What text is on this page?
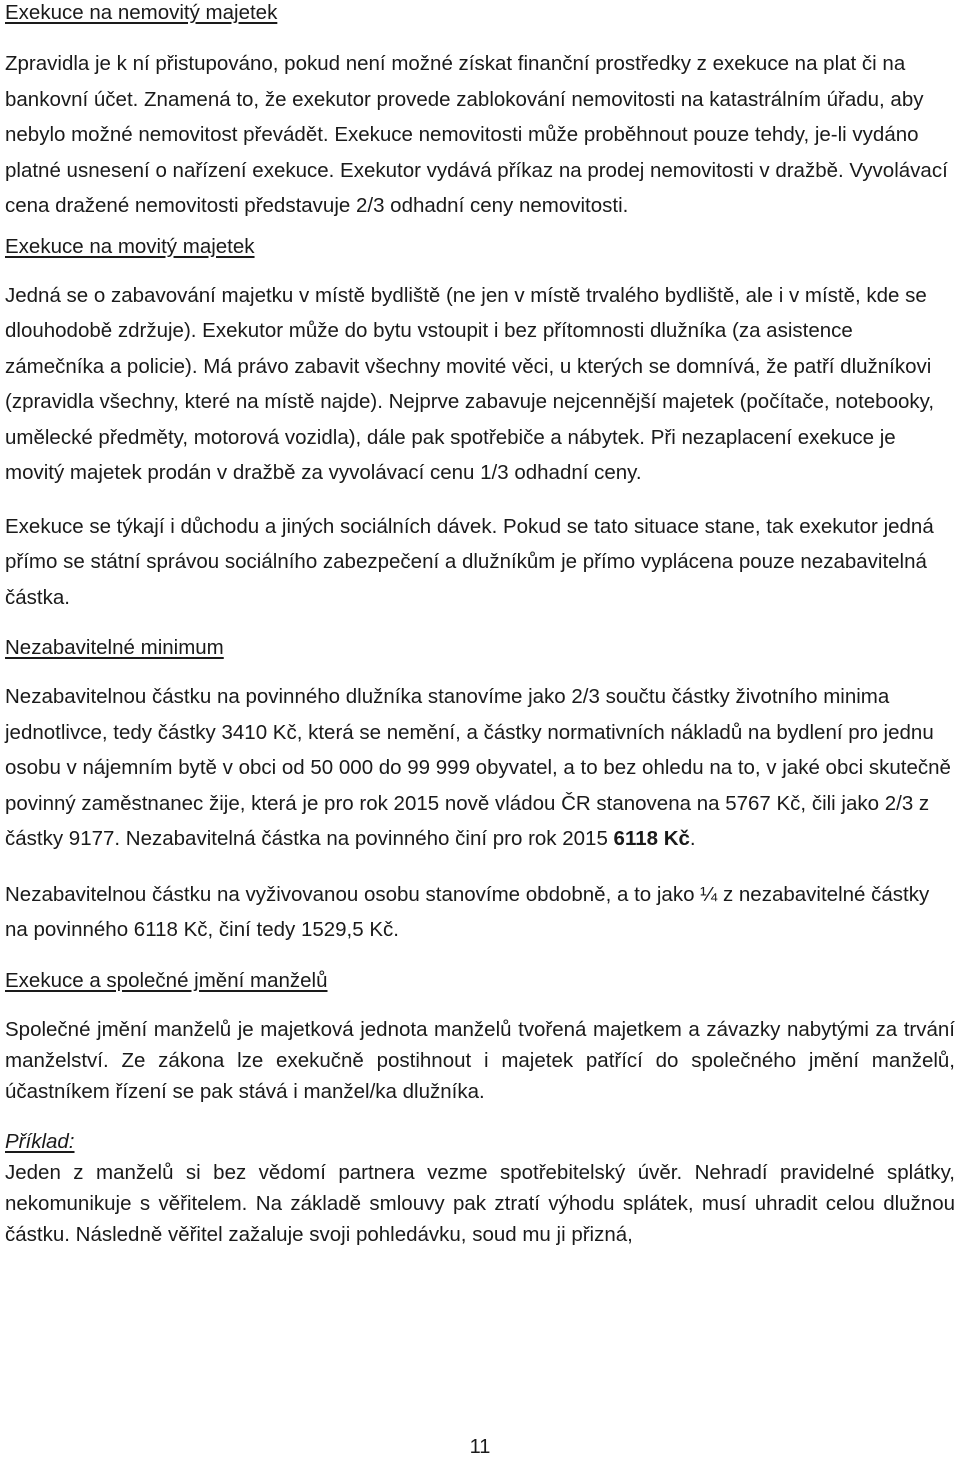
Exekuce na nemovitý majetek

Zpravidla je k ní přistupováno, pokud není možné získat finanční prostředky z exekuce na plat či na bankovní účet. Znamená to, že exekutor provede zablokování nemovitosti na katastrálním úřadu, aby nebylo možné nemovitost převádět. Exekuce nemovitosti může proběhnout pouze tehdy, je-li vydáno platné usnesení o nařízení exekuce. Exekutor vydává příkaz na prodej nemovitosti v dražbě. Vyvolávací cena dražené nemovitosti představuje 2/3 odhadní ceny nemovitosti.

Exekuce na movitý majetek

Jedná se o zabavování majetku v místě bydliště (ne jen v místě trvalého bydliště, ale i v místě, kde se dlouhodobě zdržuje). Exekutor může do bytu vstoupit i bez přítomnosti dlužníka (za asistence zámečníka a policie). Má právo zabavit všechny movité věci, u kterých se domnívá, že patří dlužníkovi (zpravidla všechny, které na místě najde). Nejprve zabavuje nejcennější majetek (počítače, notebooky, umělecké předměty, motorová vozidla), dále pak spotřebiče a nábytek. Při nezaplacení exekuce je movitý majetek prodán v dražbě za vyvolávací cenu 1/3 odhadní ceny.

Exekuce se týkají i důchodu a jiných sociálních dávek. Pokud se tato situace stane, tak exekutor jedná přímo se státní správou sociálního zabezpečení a dlužníkům je přímo vyplácena pouze nezabavitelná částka.

Nezabavitelné minimum

Nezabavitelnou částku na povinného dlužníka stanovíme jako 2/3 součtu částky životního minima jednotlivce, tedy částky 3410 Kč, která se nemění, a částky normativních nákladů na bydlení pro jednu osobu v nájemním bytě v obci od 50 000 do 99 999 obyvatel, a to bez ohledu na to, v jaké obci skutečně povinný zaměstnanec žije, která je pro rok 2015 nově vládou ČR stanovena na 5767 Kč, čili jako 2/3 z částky 9177. Nezabavitelná částka na povinného činí pro rok 2015 6118 Kč.

Nezabavitelnou částku na vyživovanou osobu stanovíme obdobně, a to jako ¼ z nezabavitelné částky na povinného 6118 Kč, činí tedy 1529,5 Kč.

Exekuce a společné jmění manželů

Společné jmění manželů je majetková jednota manželů tvořená majetkem a závazky nabytými za trvání manželství. Ze zákona lze exekučně postihnout i majetek patřící do společného jmění manželů, účastníkem řízení se pak stává i manžel/ka dlužníka.

Příklad:

Jeden z manželů si bez vědomí partnera vezme spotřebitelský úvěr. Nehradí pravidelné splátky, nekomunikuje s věřitelem. Na základě smlouvy pak ztratí výhodu splátek, musí uhradit celou dlužnou částku. Následně věřitel zažaluje svoji pohledávku, soud mu ji přizná,

11
